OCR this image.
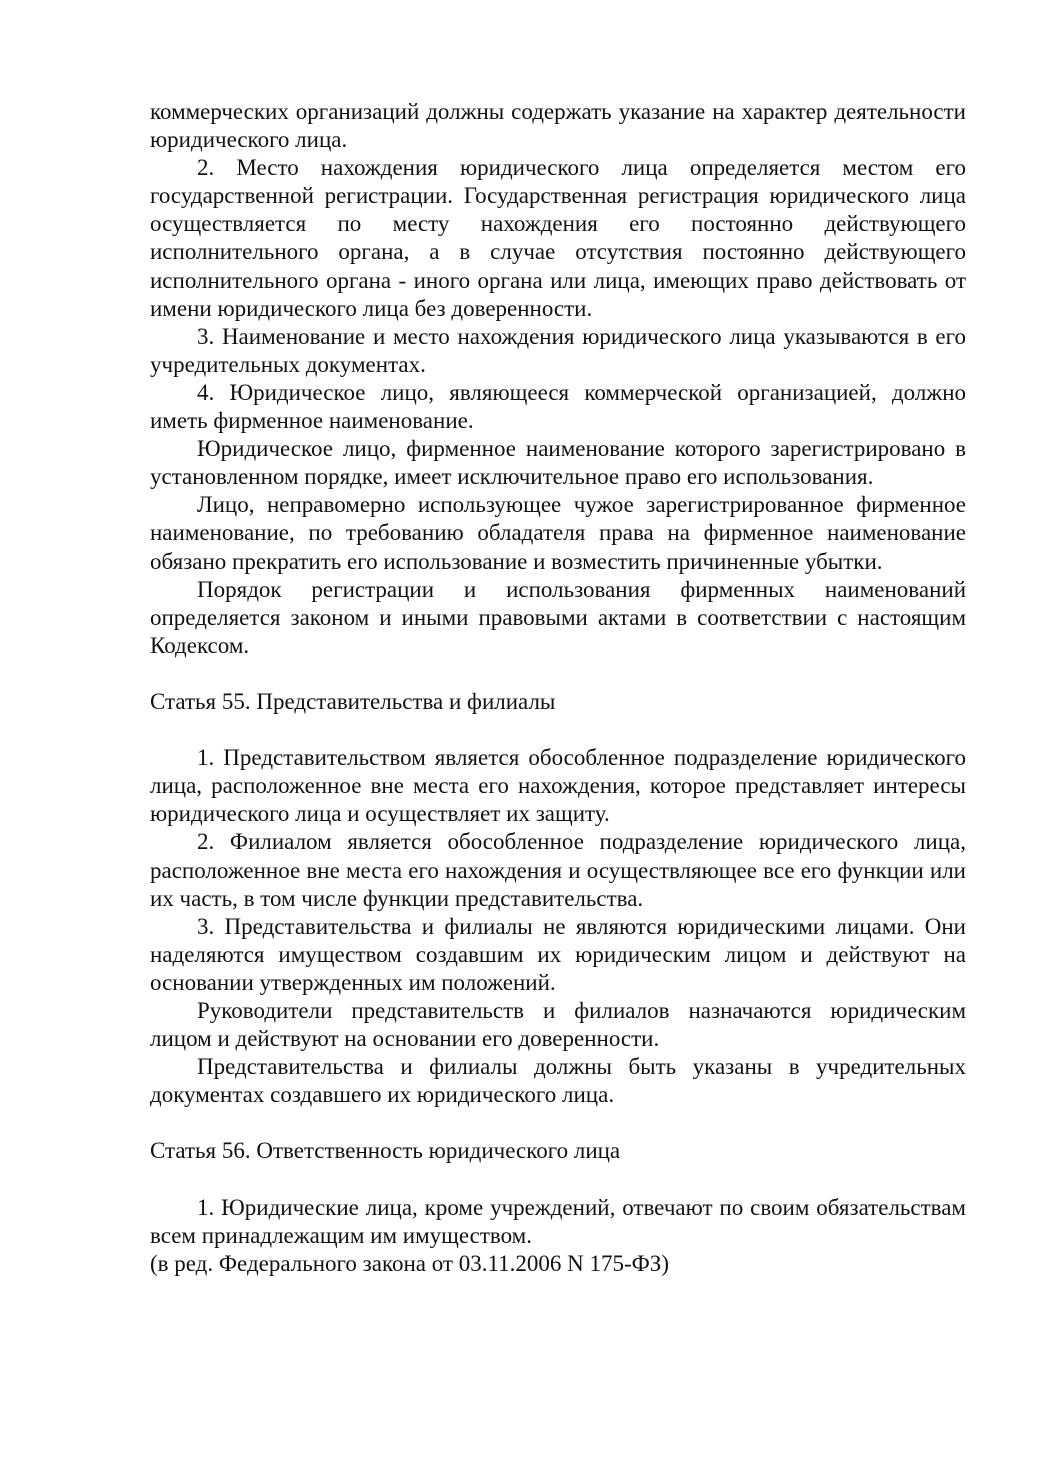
коммерческих организаций должны содержать указание на характер деятельности юридического лица.

2. Место нахождения юридического лица определяется местом его государственной регистрации. Государственная регистрация юридического лица осуществляется по месту нахождения его постоянно действующего исполнительного органа, а в случае отсутствия постоянно действующего исполнительного органа - иного органа или лица, имеющих право действовать от имени юридического лица без доверенности.

3. Наименование и место нахождения юридического лица указываются в его учредительных документах.

4. Юридическое лицо, являющееся коммерческой организацией, должно иметь фирменное наименование.

Юридическое лицо, фирменное наименование которого зарегистрировано в установленном порядке, имеет исключительное право его использования.

Лицо, неправомерно использующее чужое зарегистрированное фирменное наименование, по требованию обладателя права на фирменное наименование обязано прекратить его использование и возместить причиненные убытки.

Порядок регистрации и использования фирменных наименований определяется законом и иными правовыми актами в соответствии с настоящим Кодексом.

Статья 55. Представительства и филиалы

1. Представительством является обособленное подразделение юридического лица, расположенное вне места его нахождения, которое представляет интересы юридического лица и осуществляет их защиту.

2. Филиалом является обособленное подразделение юридического лица, расположенное вне места его нахождения и осуществляющее все его функции или их часть, в том числе функции представительства.

3. Представительства и филиалы не являются юридическими лицами. Они наделяются имуществом создавшим их юридическим лицом и действуют на основании утвержденных им положений.

Руководители представительств и филиалов назначаются юридическим лицом и действуют на основании его доверенности.

Представительства и филиалы должны быть указаны в учредительных документах создавшего их юридического лица.

Статья 56. Ответственность юридического лица

1. Юридические лица, кроме учреждений, отвечают по своим обязательствам всем принадлежащим им имуществом.

(в ред. Федерального закона от 03.11.2006 N 175-ФЗ)
